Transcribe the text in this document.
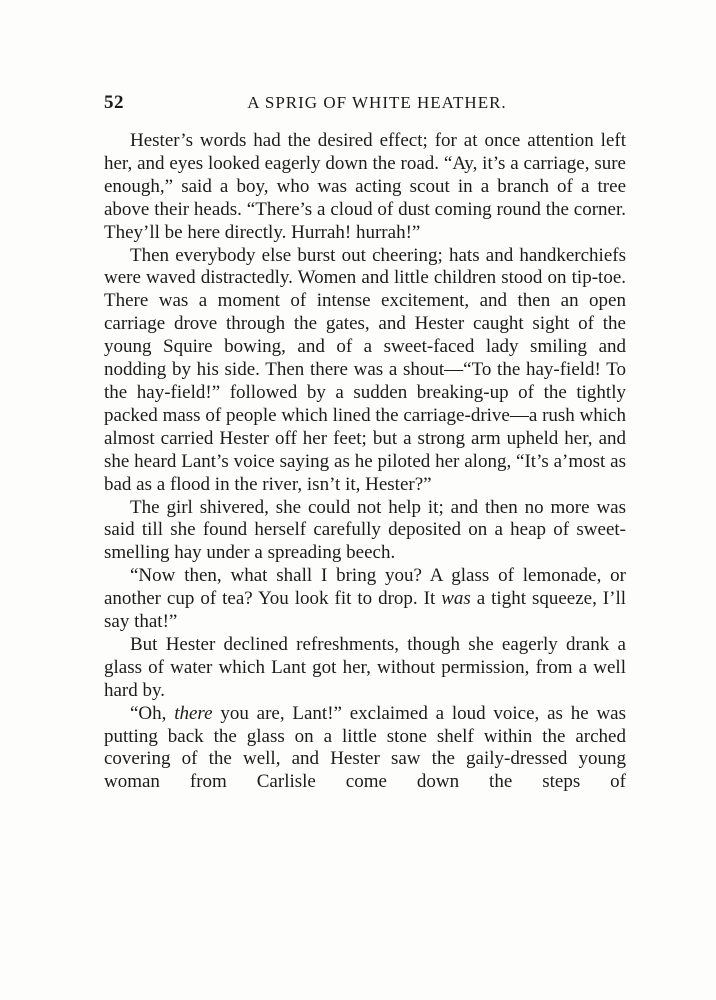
52	A SPRIG OF WHITE HEATHER.

Hester’s words had the desired effect; for at once attention left her, and eyes looked eagerly down the road. “Ay, it’s a carriage, sure enough,” said a boy, who was acting scout in a branch of a tree above their heads. “There’s a cloud of dust coming round the corner. They’ll be here directly. Hurrah! hurrah!”

Then everybody else burst out cheering; hats and handkerchiefs were waved distractedly. Women and little children stood on tip-toe. There was a moment of intense excitement, and then an open carriage drove through the gates, and Hester caught sight of the young Squire bowing, and of a sweet-faced lady smiling and nodding by his side. Then there was a shout—“To the hay-field! To the hay-field!” followed by a sudden breaking-up of the tightly packed mass of people which lined the carriage-drive—a rush which almost carried Hester off her feet; but a strong arm upheld her, and she heard Lant’s voice saying as he piloted her along, “It’s a’most as bad as a flood in the river, isn’t it, Hester?”

The girl shivered, she could not help it; and then no more was said till she found herself carefully deposited on a heap of sweet-smelling hay under a spreading beech.

“Now then, what shall I bring you? A glass of lemonade, or another cup of tea? You look fit to drop. It was a tight squeeze, I’ll say that!”

But Hester declined refreshments, though she eagerly drank a glass of water which Lant got her, without permission, from a well hard by.

“Oh, there you are, Lant!” exclaimed a loud voice, as he was putting back the glass on a little stone shelf within the arched covering of the well, and Hester saw the gaily-dressed young woman from Carlisle come down the steps of
